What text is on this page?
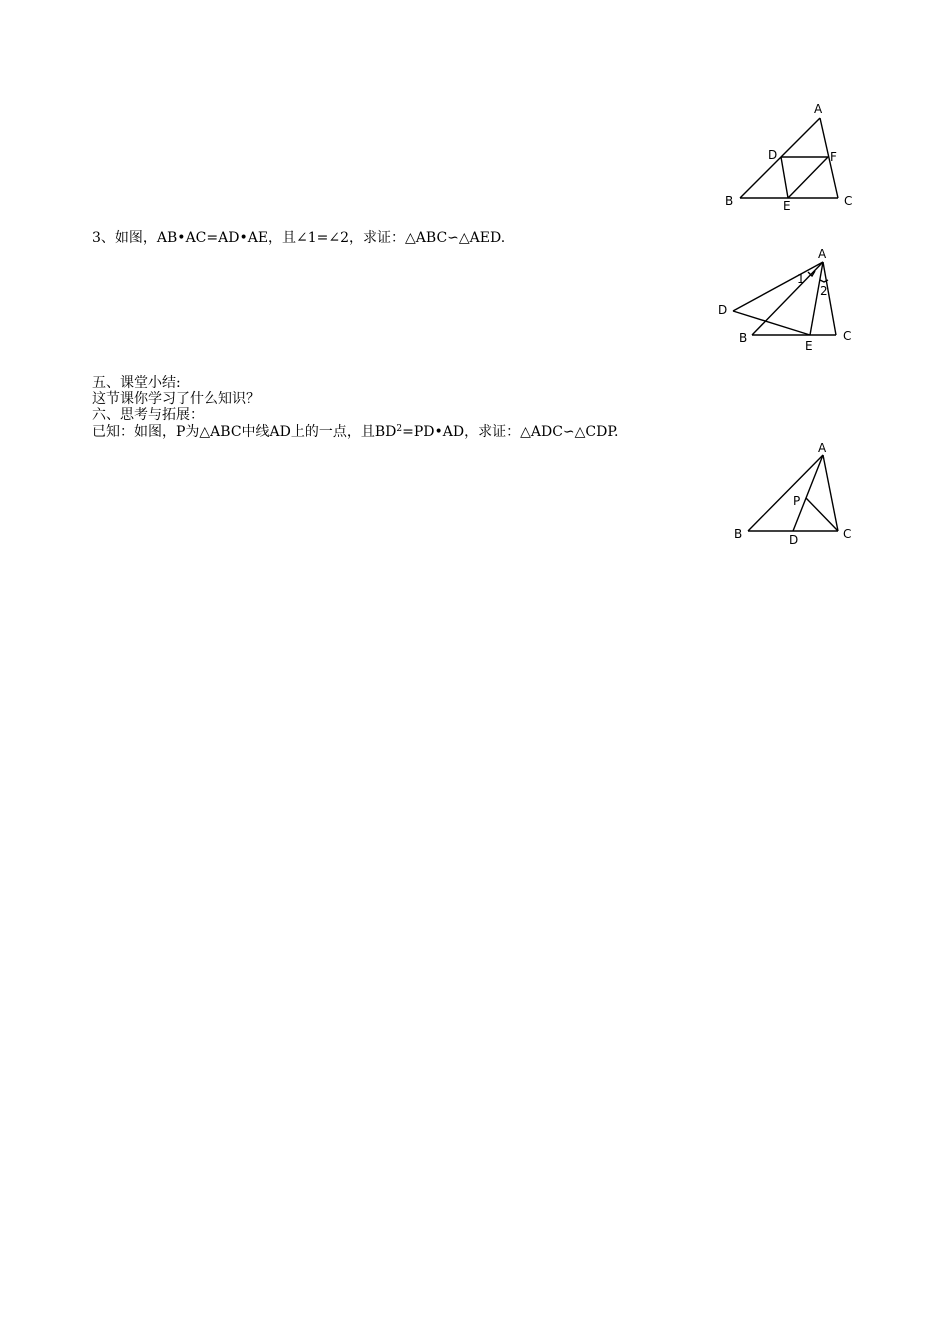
A
B	C
D
E
F
3、如图，AB•AC=AD•AE，且∠1=∠2，求证：△ABC∽△AED.
A
B	C
D
E
1
2
五、课堂小结:
这节课你学习了什么知识？
六、思考与拓展：
已知：如图，P为△ABC中线AD上的一点，且$BD^2=PD•AD$，求证：△ADC∽△CDP.
A
B	C
D
P
